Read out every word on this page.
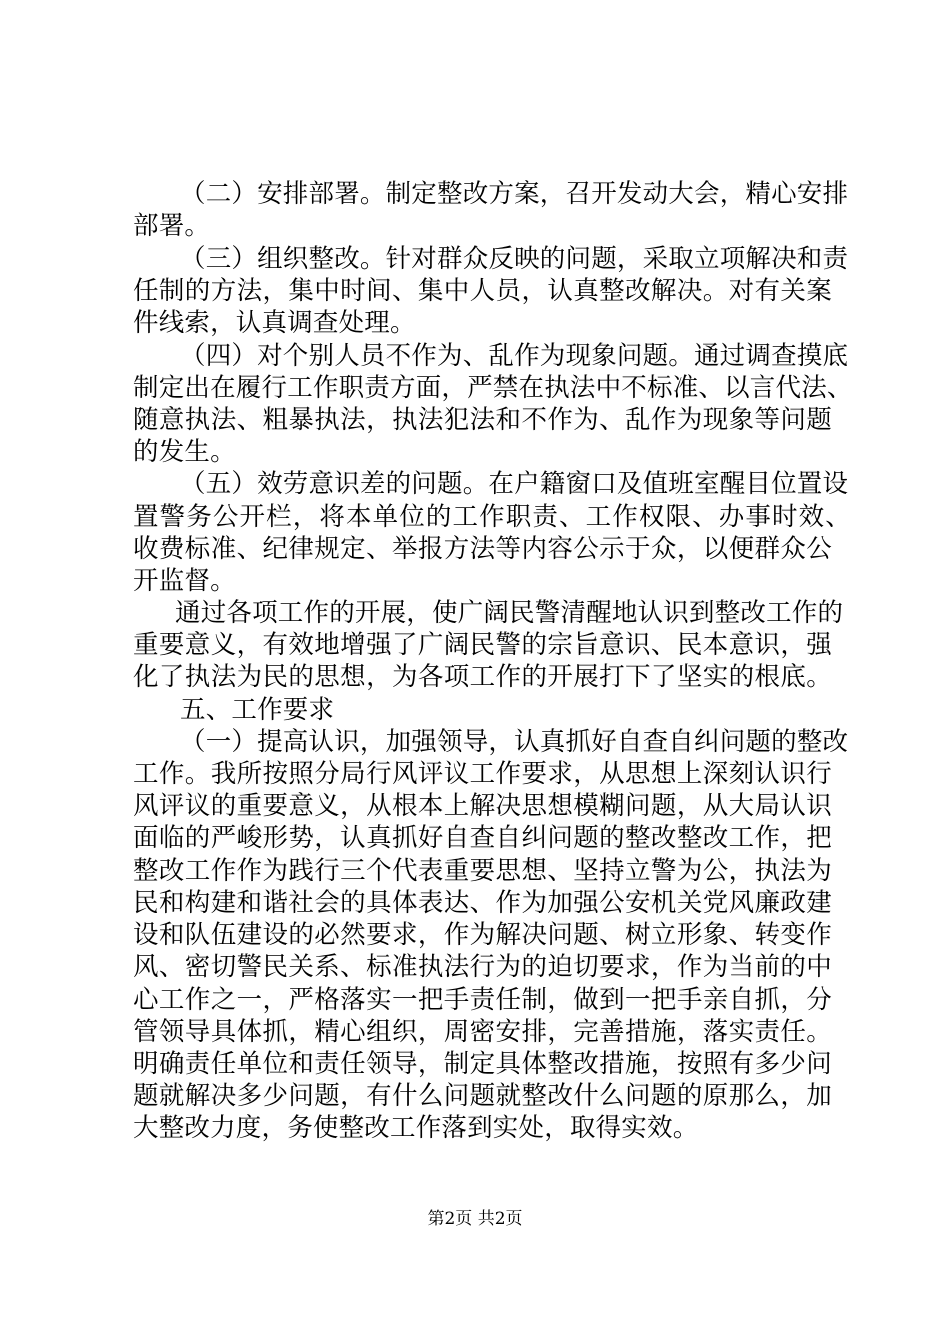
（二）安排部署。制定整改方案，召开发动大会，精心安排

部署。

（三）组织整改。针对群众反映的问题，采取立项解决和责

任制的方法，集中时间、集中人员，认真整改解决。对有关案

件线索，认真调查处理。

（四）对个别人员不作为、乱作为现象问题。通过调查摸底

制定出在履行工作职责方面，严禁在执法中不标准、以言代法、

随意执法、粗暴执法，执法犯法和不作为、乱作为现象等问题

的发生。

（五）效劳意识差的问题。在户籍窗口及值班室醒目位置设

置警务公开栏，将本单位的工作职责、工作权限、办事时效、

收费标准、纪律规定、举报方法等内容公示于众，以便群众公

开监督。

通过各项工作的开展，使广阔民警清醒地认识到整改工作的

重要意义，有效地增强了广阔民警的宗旨意识、民本意识，强

化了执法为民的思想，为各项工作的开展打下了坚实的根底。

五、工作要求

（一）提高认识，加强领导，认真抓好自查自纠问题的整改

工作。我所按照分局行风评议工作要求，从思想上深刻认识行

风评议的重要意义，从根本上解决思想模糊问题，从大局认识

面临的严峻形势，认真抓好自查自纠问题的整改整改工作，把

整改工作作为践行三个代表重要思想、坚持立警为公，执法为

民和构建和谐社会的具体表达、作为加强公安机关党风廉政建

设和队伍建设的必然要求，作为解决问题、树立形象、转变作

风、密切警民关系、标准执法行为的迫切要求，作为当前的中

心工作之一，严格落实一把手责任制，做到一把手亲自抓，分

管领导具体抓，精心组织，周密安排，完善措施，落实责任。

明确责任单位和责任领导，制定具体整改措施，按照有多少问

题就解决多少问题，有什么问题就整改什么问题的原那么，加

大整改力度，务使整改工作落到实处，取得实效。

第2页 共2页
